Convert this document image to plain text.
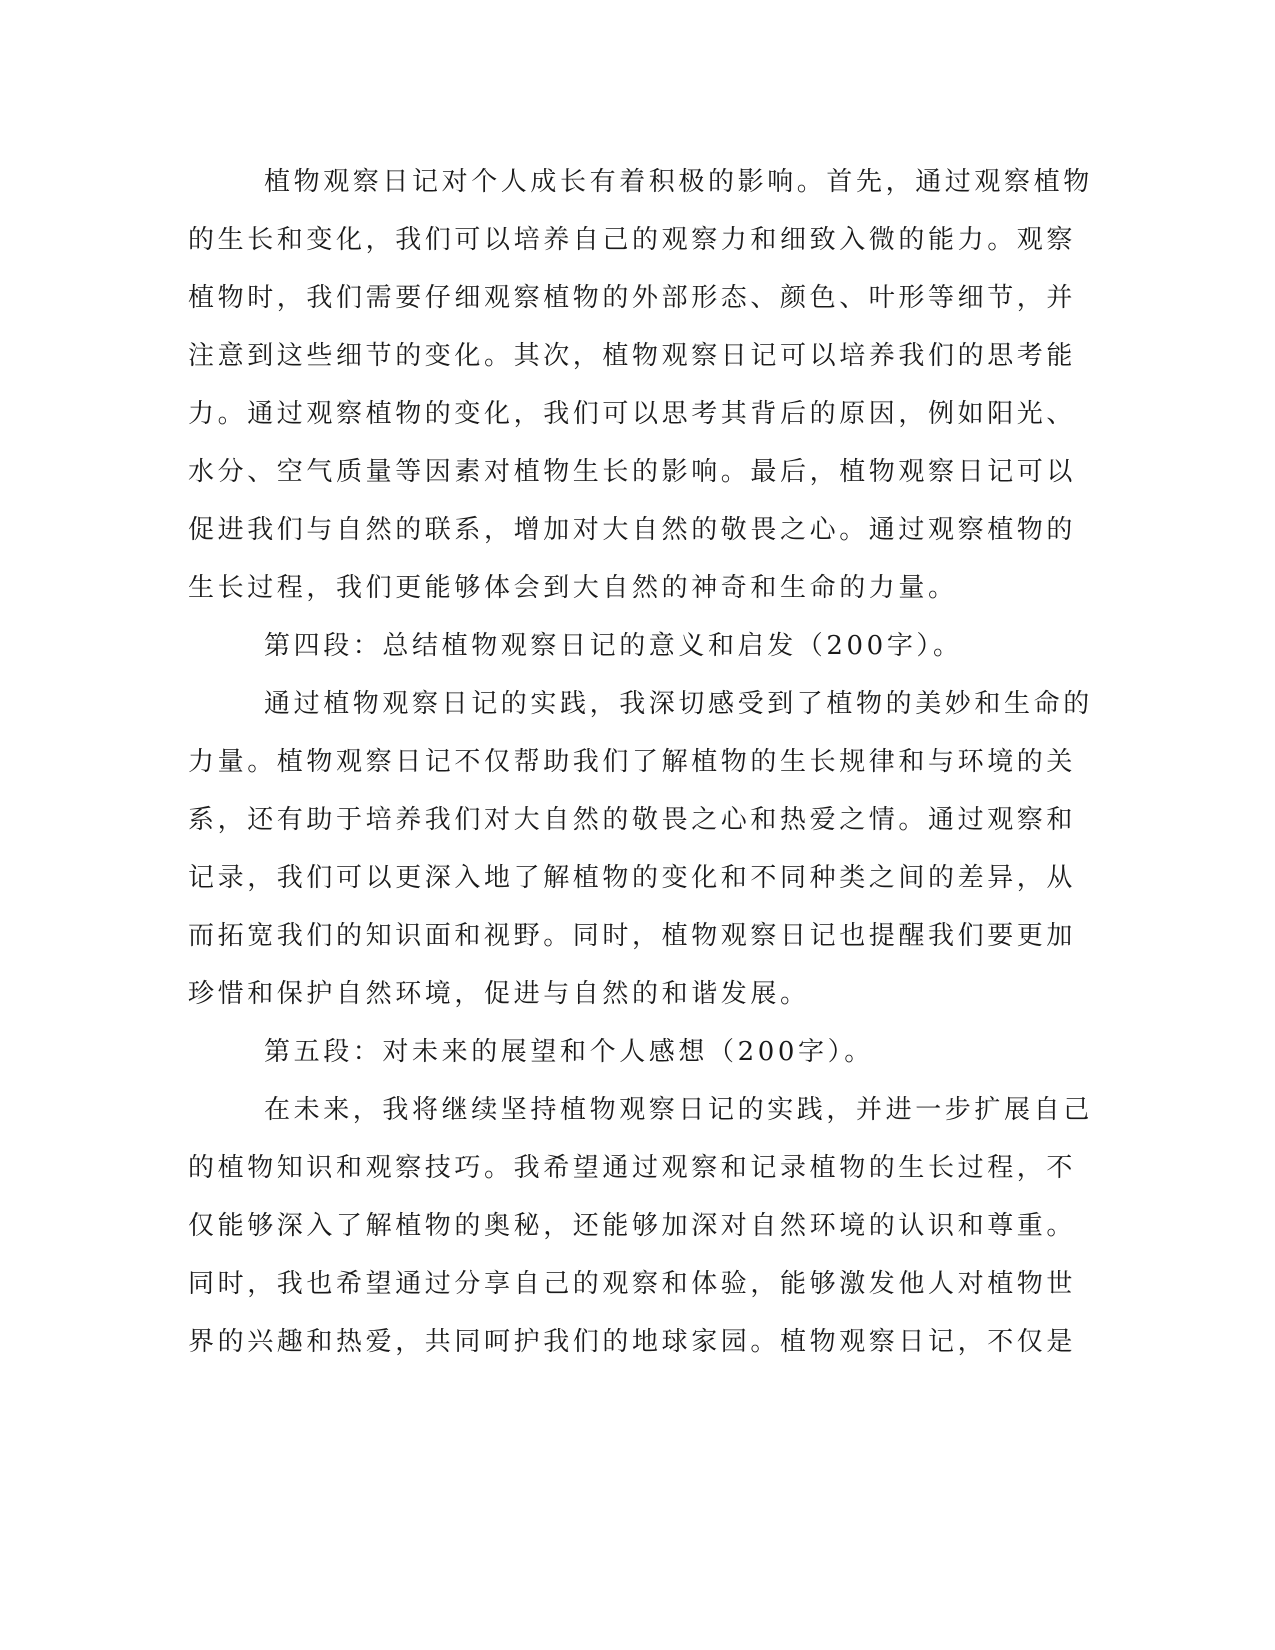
植物观察日记对个人成长有着积极的影响。首先，通过观察植物
的生长和变化，我们可以培养自己的观察力和细致入微的能力。观察
植物时，我们需要仔细观察植物的外部形态、颜色、叶形等细节，并
注意到这些细节的变化。其次，植物观察日记可以培养我们的思考能
力。通过观察植物的变化，我们可以思考其背后的原因，例如阳光、
水分、空气质量等因素对植物生长的影响。最后，植物观察日记可以
促进我们与自然的联系，增加对大自然的敬畏之心。通过观察植物的
生长过程，我们更能够体会到大自然的神奇和生命的力量。
第四段：总结植物观察日记的意义和启发（200字）。
通过植物观察日记的实践，我深切感受到了植物的美妙和生命的
力量。植物观察日记不仅帮助我们了解植物的生长规律和与环境的关
系，还有助于培养我们对大自然的敬畏之心和热爱之情。通过观察和
记录，我们可以更深入地了解植物的变化和不同种类之间的差异，从
而拓宽我们的知识面和视野。同时，植物观察日记也提醒我们要更加
珍惜和保护自然环境，促进与自然的和谐发展。
第五段：对未来的展望和个人感想（200字）。
在未来，我将继续坚持植物观察日记的实践，并进一步扩展自己
的植物知识和观察技巧。我希望通过观察和记录植物的生长过程，不
仅能够深入了解植物的奥秘，还能够加深对自然环境的认识和尊重。
同时，我也希望通过分享自己的观察和体验，能够激发他人对植物世
界的兴趣和热爱，共同呵护我们的地球家园。植物观察日记，不仅是
